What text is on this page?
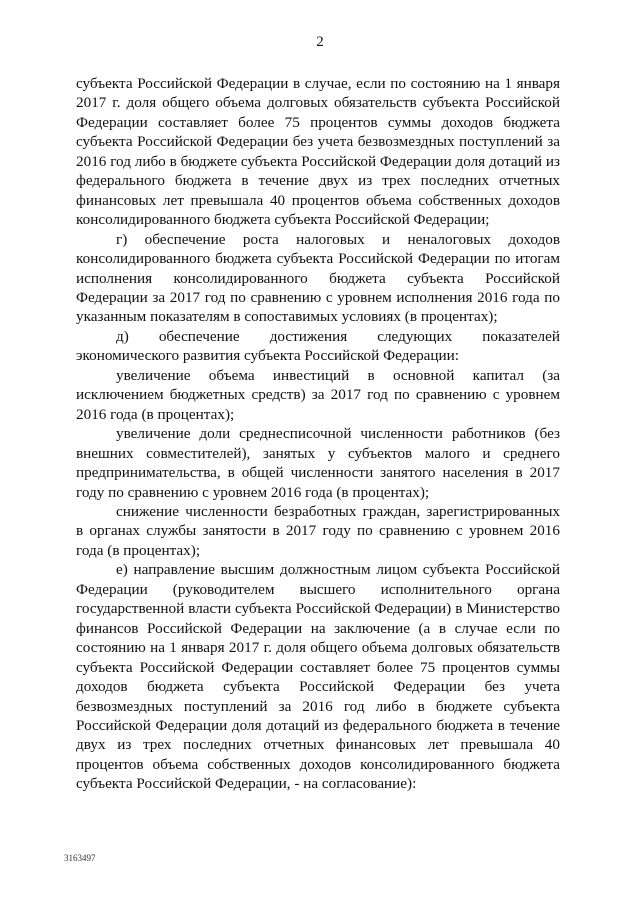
2

субъекта Российской Федерации в случае, если по состоянию на 1 января 2017 г. доля общего объема долговых обязательств субъекта Российской Федерации составляет более 75 процентов суммы доходов бюджета субъекта Российской Федерации без учета безвозмездных поступлений за 2016 год либо в бюджете субъекта Российской Федерации доля дотаций из федерального бюджета в течение двух из трех последних отчетных финансовых лет превышала 40 процентов объема собственных доходов консолидированного бюджета субъекта Российской Федерации;

г) обеспечение роста налоговых и неналоговых доходов консолидированного бюджета субъекта Российской Федерации по итогам исполнения консолидированного бюджета субъекта Российской Федерации за 2017 год по сравнению с уровнем исполнения 2016 года по указанным показателям в сопоставимых условиях (в процентах);

д) обеспечение достижения следующих показателей экономического развития субъекта Российской Федерации:

увеличение объема инвестиций в основной капитал (за исключением бюджетных средств) за 2017 год по сравнению с уровнем 2016 года (в процентах);

увеличение доли среднесписочной численности работников (без внешних совместителей), занятых у субъектов малого и среднего предпринимательства, в общей численности занятого населения в 2017 году по сравнению с уровнем 2016 года (в процентах);

снижение численности безработных граждан, зарегистрированных в органах службы занятости в 2017 году по сравнению с уровнем 2016 года (в процентах);

е) направление высшим должностным лицом субъекта Российской Федерации (руководителем высшего исполнительного органа государственной власти субъекта Российской Федерации) в Министерство финансов Российской Федерации на заключение (а в случае если по состоянию на 1 января 2017 г. доля общего объема долговых обязательств субъекта Российской Федерации составляет более 75 процентов суммы доходов бюджета субъекта Российской Федерации без учета безвозмездных поступлений за 2016 год либо в бюджете субъекта Российской Федерации доля дотаций из федерального бюджета в течение двух из трех последних отчетных финансовых лет превышала 40 процентов объема собственных доходов консолидированного бюджета субъекта Российской Федерации, - на согласование):

3163497
